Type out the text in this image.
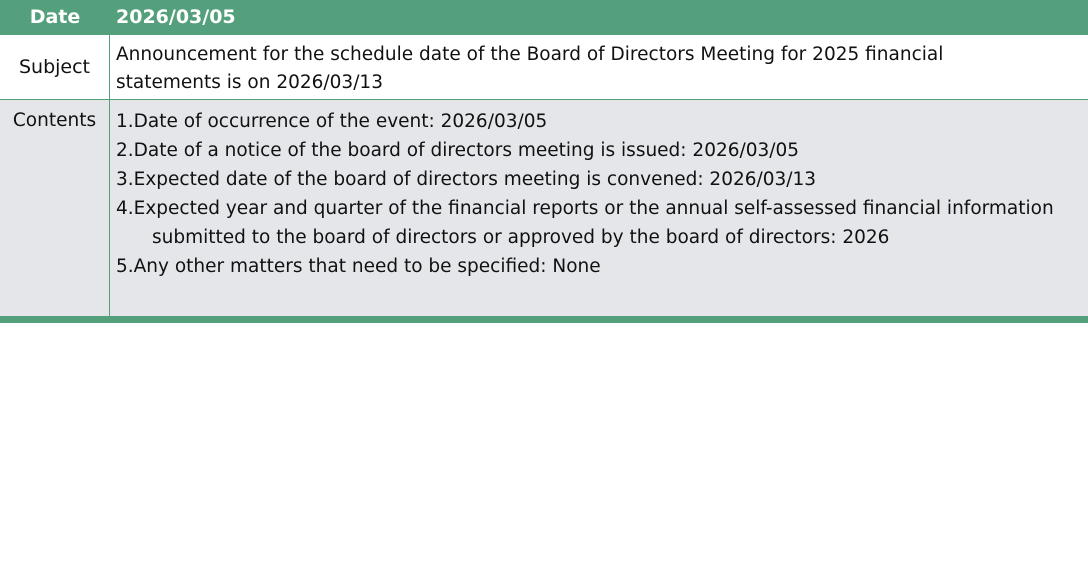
Date	2026/03/05
Subject
Announcement for the schedule date of the Board of Directors Meeting for 2025 financial
statements is on 2026/03/13
Contents	1.Date of occurrence of the event: 2026/03/05
2.Date of a notice of the board of directors meeting is issued: 2026/03/05
3.Expected date of the board of directors meeting is convened: 2026/03/13
4.Expected year and quarter of the financial reports or the annual self-assessed financial information
submitted to the board of directors or approved by the board of directors: 2026
5.Any other matters that need to be specified: None
